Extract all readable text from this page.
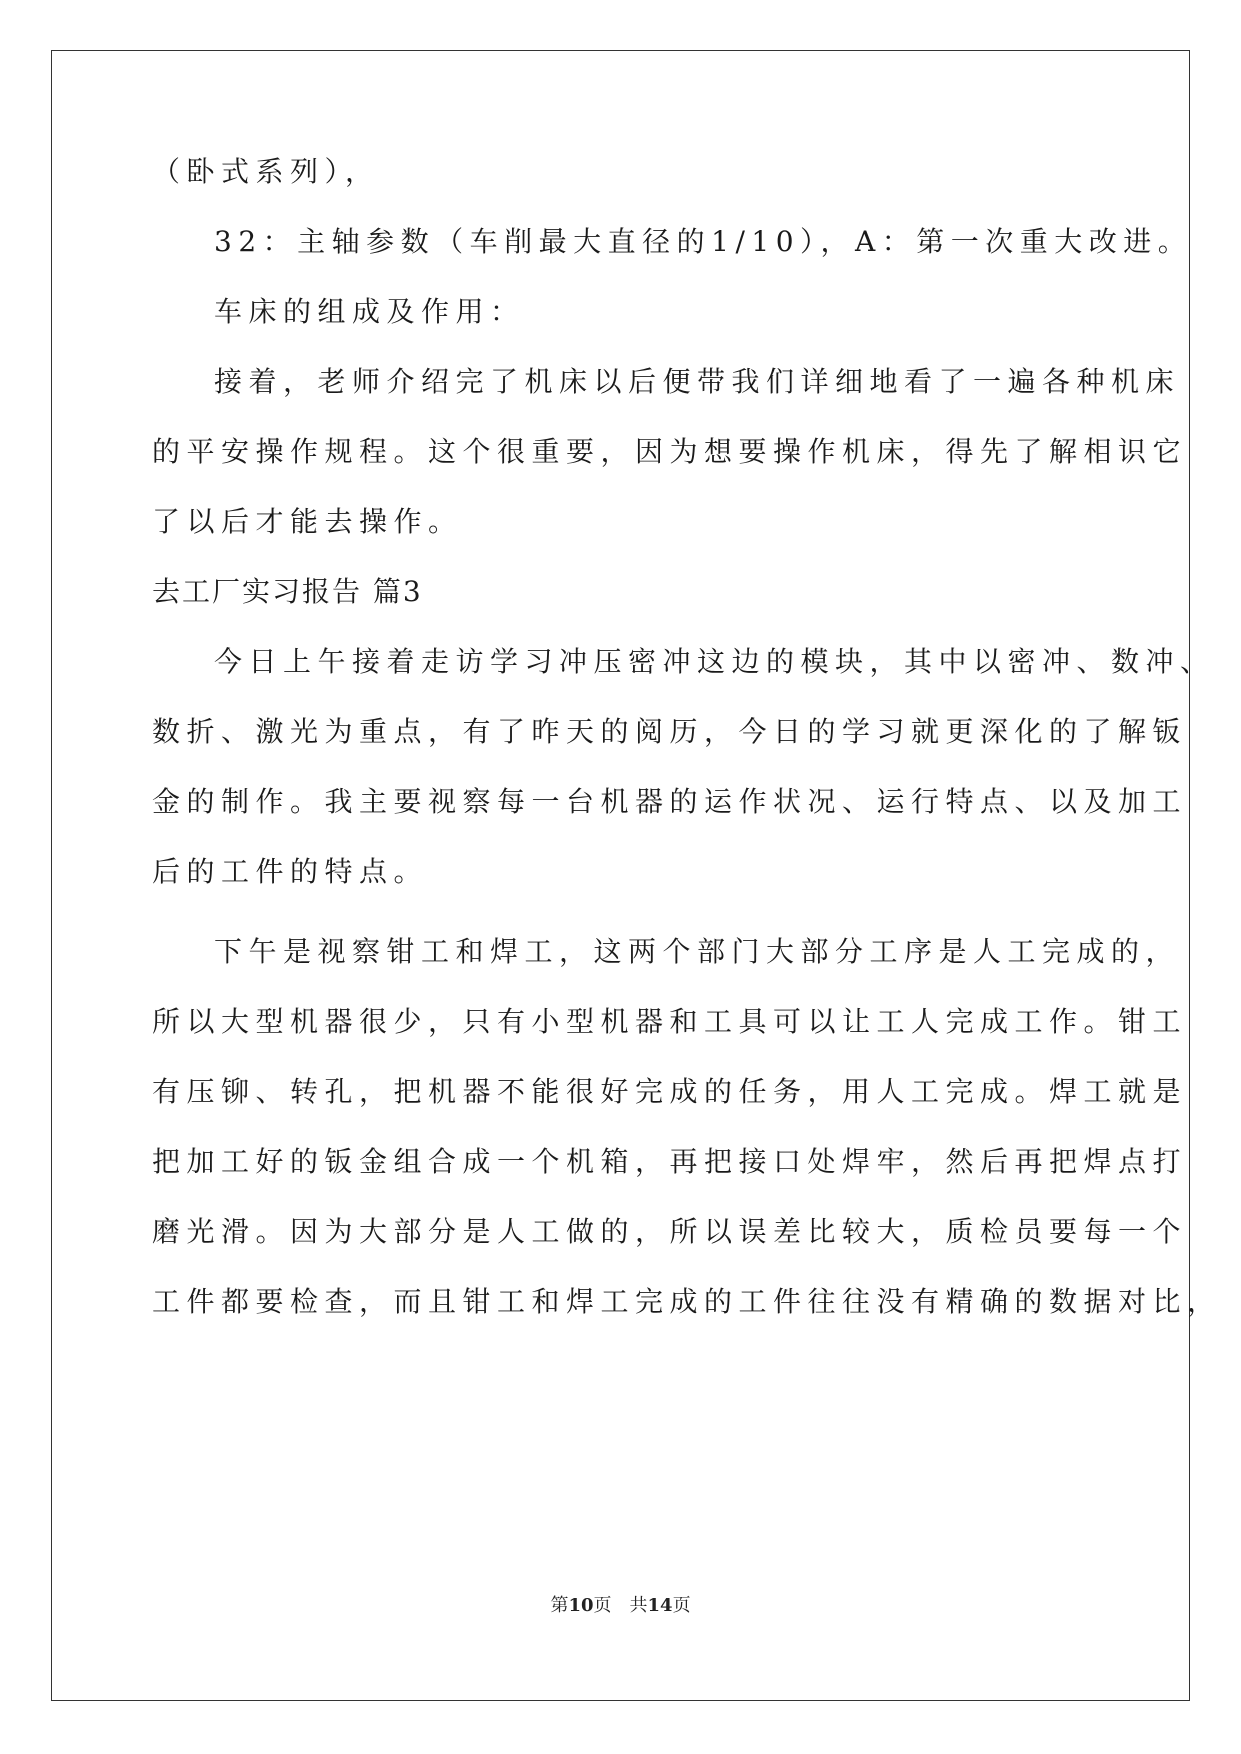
（卧式系列），
32：主轴参数（车削最大直径的1/10），A：第一次重大改进。
车床的组成及作用：
接着，老师介绍完了机床以后便带我们详细地看了一遍各种机床
的平安操作规程。这个很重要，因为想要操作机床，得先了解相识它
了以后才能去操作。
去工厂实习报告 篇3
今日上午接着走访学习冲压密冲这边的模块，其中以密冲、数冲、
数折、激光为重点，有了昨天的阅历，今日的学习就更深化的了解钣
金的制作。我主要视察每一台机器的运作状况、运行特点、以及加工
后的工件的特点。
下午是视察钳工和焊工，这两个部门大部分工序是人工完成的，
所以大型机器很少，只有小型机器和工具可以让工人完成工作。钳工
有压铆、转孔，把机器不能很好完成的任务，用人工完成。焊工就是
把加工好的钣金组合成一个机箱，再把接口处焊牢，然后再把焊点打
磨光滑。因为大部分是人工做的，所以误差比较大，质检员要每一个
工件都要检查，而且钳工和焊工完成的工件往往没有精确的数据对比，
第10页　共14页
